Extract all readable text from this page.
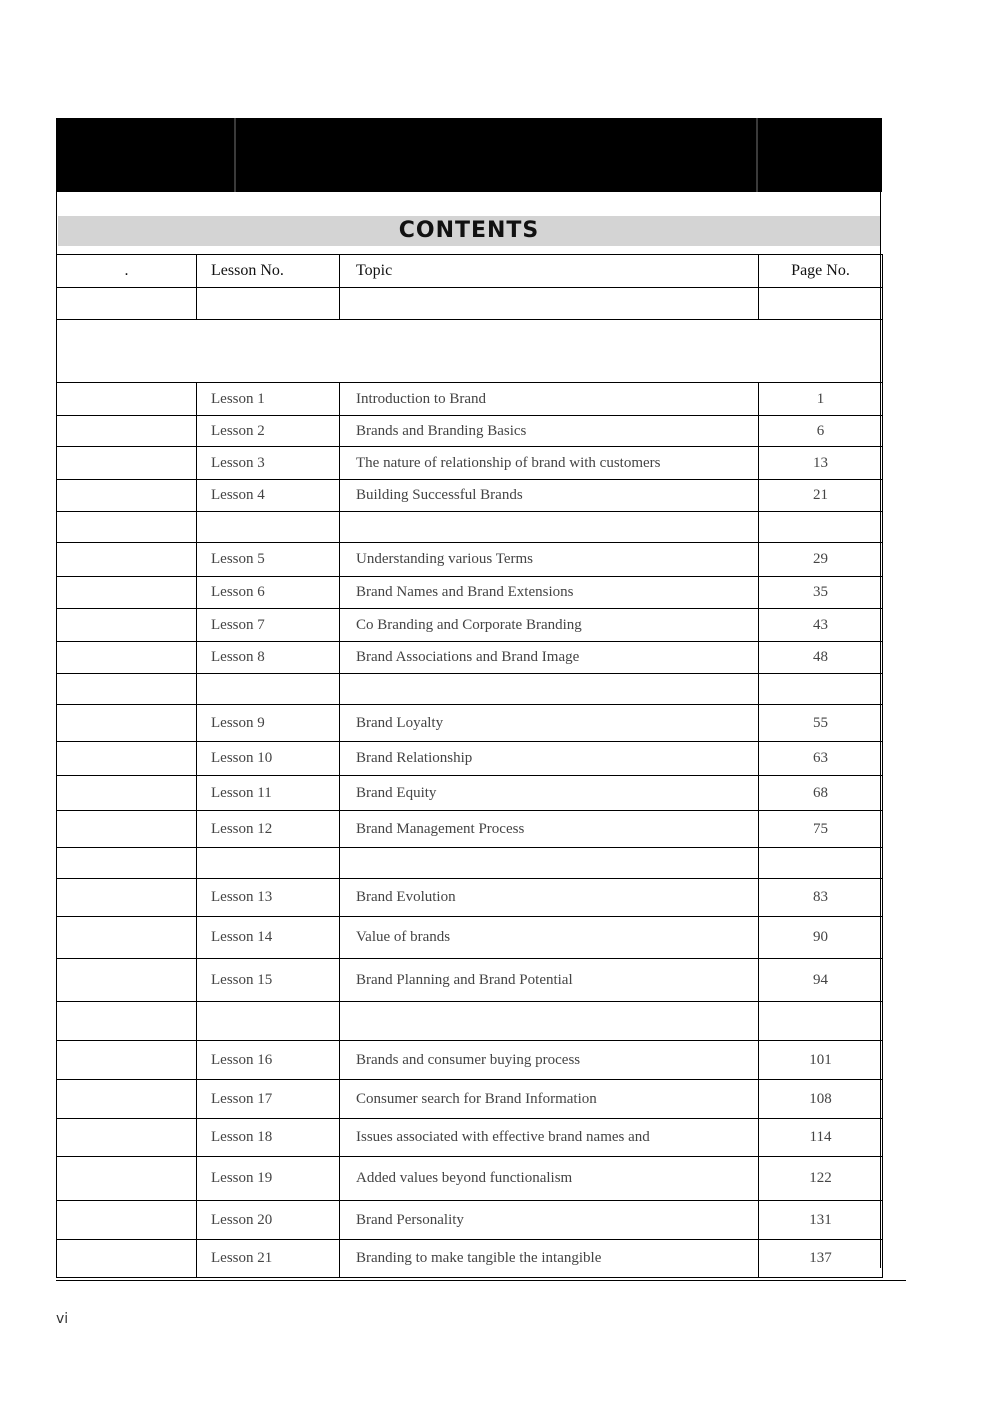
CONTENTS
.	Lesson No.	Topic	Page No.

	Lesson 1	Introduction to Brand	1
	Lesson 2	Brands and Branding Basics	6
	Lesson 3	The nature of relationship of brand with customers	13
	Lesson 4	Building Successful Brands	21

	Lesson 5	Understanding various Terms	29
	Lesson 6	Brand Names and Brand Extensions	35
	Lesson 7	Co Branding and Corporate Branding	43
	Lesson 8	Brand Associations and Brand Image	48

	Lesson 9	Brand Loyalty	55
	Lesson 10	Brand Relationship	63
	Lesson 11	Brand Equity	68
	Lesson 12	Brand Management Process	75

	Lesson 13	Brand Evolution	83
	Lesson 14	Value of brands	90
	Lesson 15	Brand Planning and Brand Potential	94

	Lesson 16	Brands and consumer buying process	101
	Lesson 17	Consumer search for Brand Information	108
	Lesson 18	Issues associated with effective brand names and	114
	Lesson 19	Added values beyond functionalism	122
	Lesson 20	Brand Personality	131
	Lesson 21	Branding to make tangible the intangible	137
vi
